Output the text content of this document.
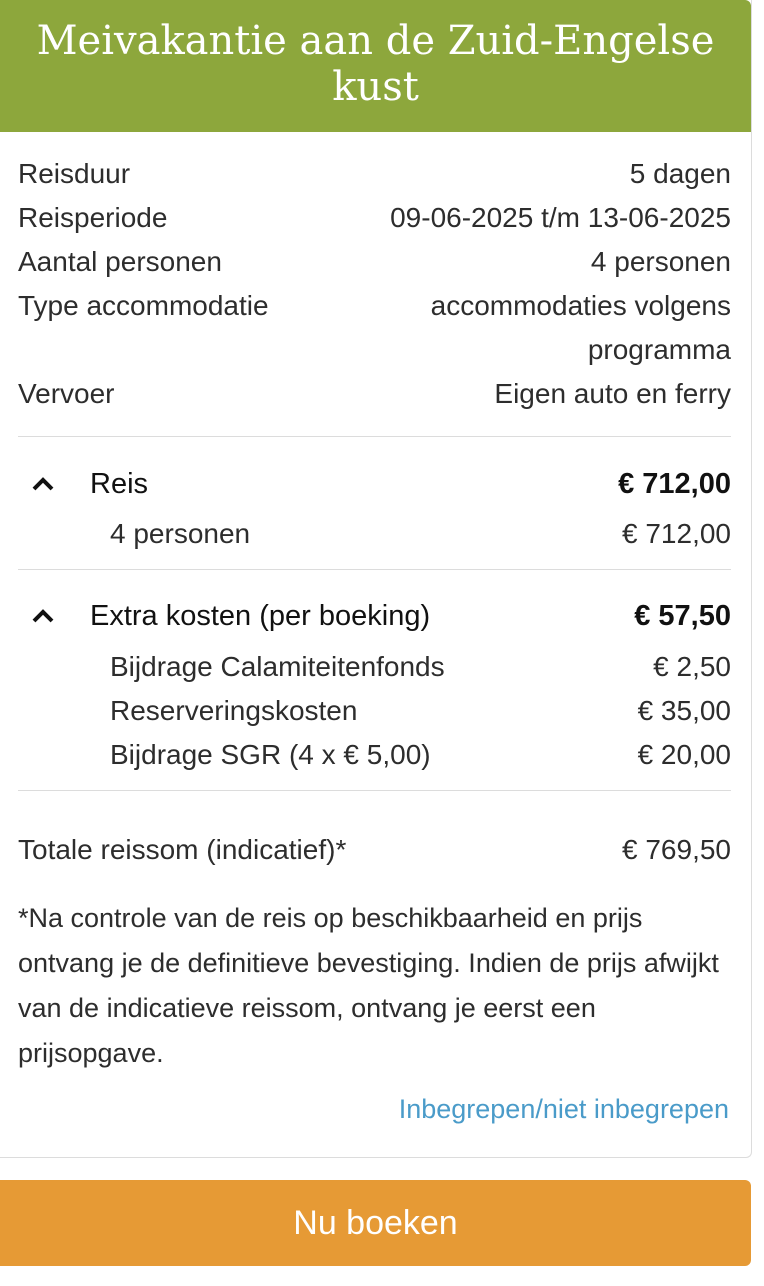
Meivakantie aan de Zuid-Engelse kust
Reisduur	5 dagen
Reisperiode	09-06-2025 t/m 13-06-2025
Aantal personen	4 personen
Type accommodatie	accommodaties volgens programma
Vervoer	Eigen auto en ferry
Reis	€ 712,00
4 personen	€ 712,00
Extra kosten (per boeking)	€ 57,50
Bijdrage Calamiteitenfonds	€ 2,50
Reserveringskosten	€ 35,00
Bijdrage SGR (4 x € 5,00)	€ 20,00
Totale reissom (indicatief)*	€ 769,50

*Na controle van de reis op beschikbaarheid en prijs ontvang je de definitieve bevestiging. Indien de prijs afwijkt van de indicatieve reissom, ontvang je eerst een prijsopgave.

Inbegrepen/niet inbegrepen
Nu boeken
